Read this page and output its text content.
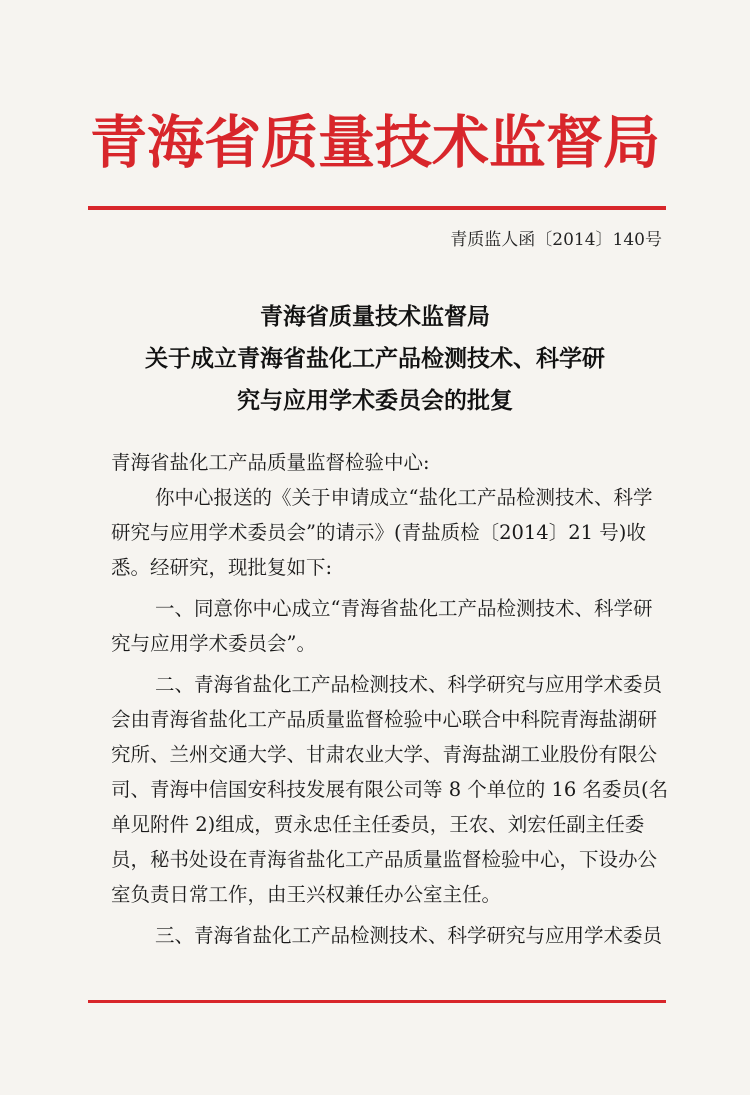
青海省质量技术监督局
青质监人函〔2014〕140号
青海省质量技术监督局
关于成立青海省盐化工产品检测技术、科学研
究与应用学术委员会的批复
青海省盐化工产品质量监督检验中心:
你中心报送的《关于申请成立“盐化工产品检测技术、科学
研究与应用学术委员会”的请示》(青盐质检〔2014〕21 号)收
悉。经研究，现批复如下:
一、同意你中心成立“青海省盐化工产品检测技术、科学研
究与应用学术委员会”。
二、青海省盐化工产品检测技术、科学研究与应用学术委员
会由青海省盐化工产品质量监督检验中心联合中科院青海盐湖研
究所、兰州交通大学、甘肃农业大学、青海盐湖工业股份有限公
司、青海中信国安科技发展有限公司等 8 个单位的 16 名委员(名
单见附件 2)组成，贾永忠任主任委员，王农、刘宏任副主任委
员，秘书处设在青海省盐化工产品质量监督检验中心，下设办公
室负责日常工作，由王兴权兼任办公室主任。
三、青海省盐化工产品检测技术、科学研究与应用学术委员
